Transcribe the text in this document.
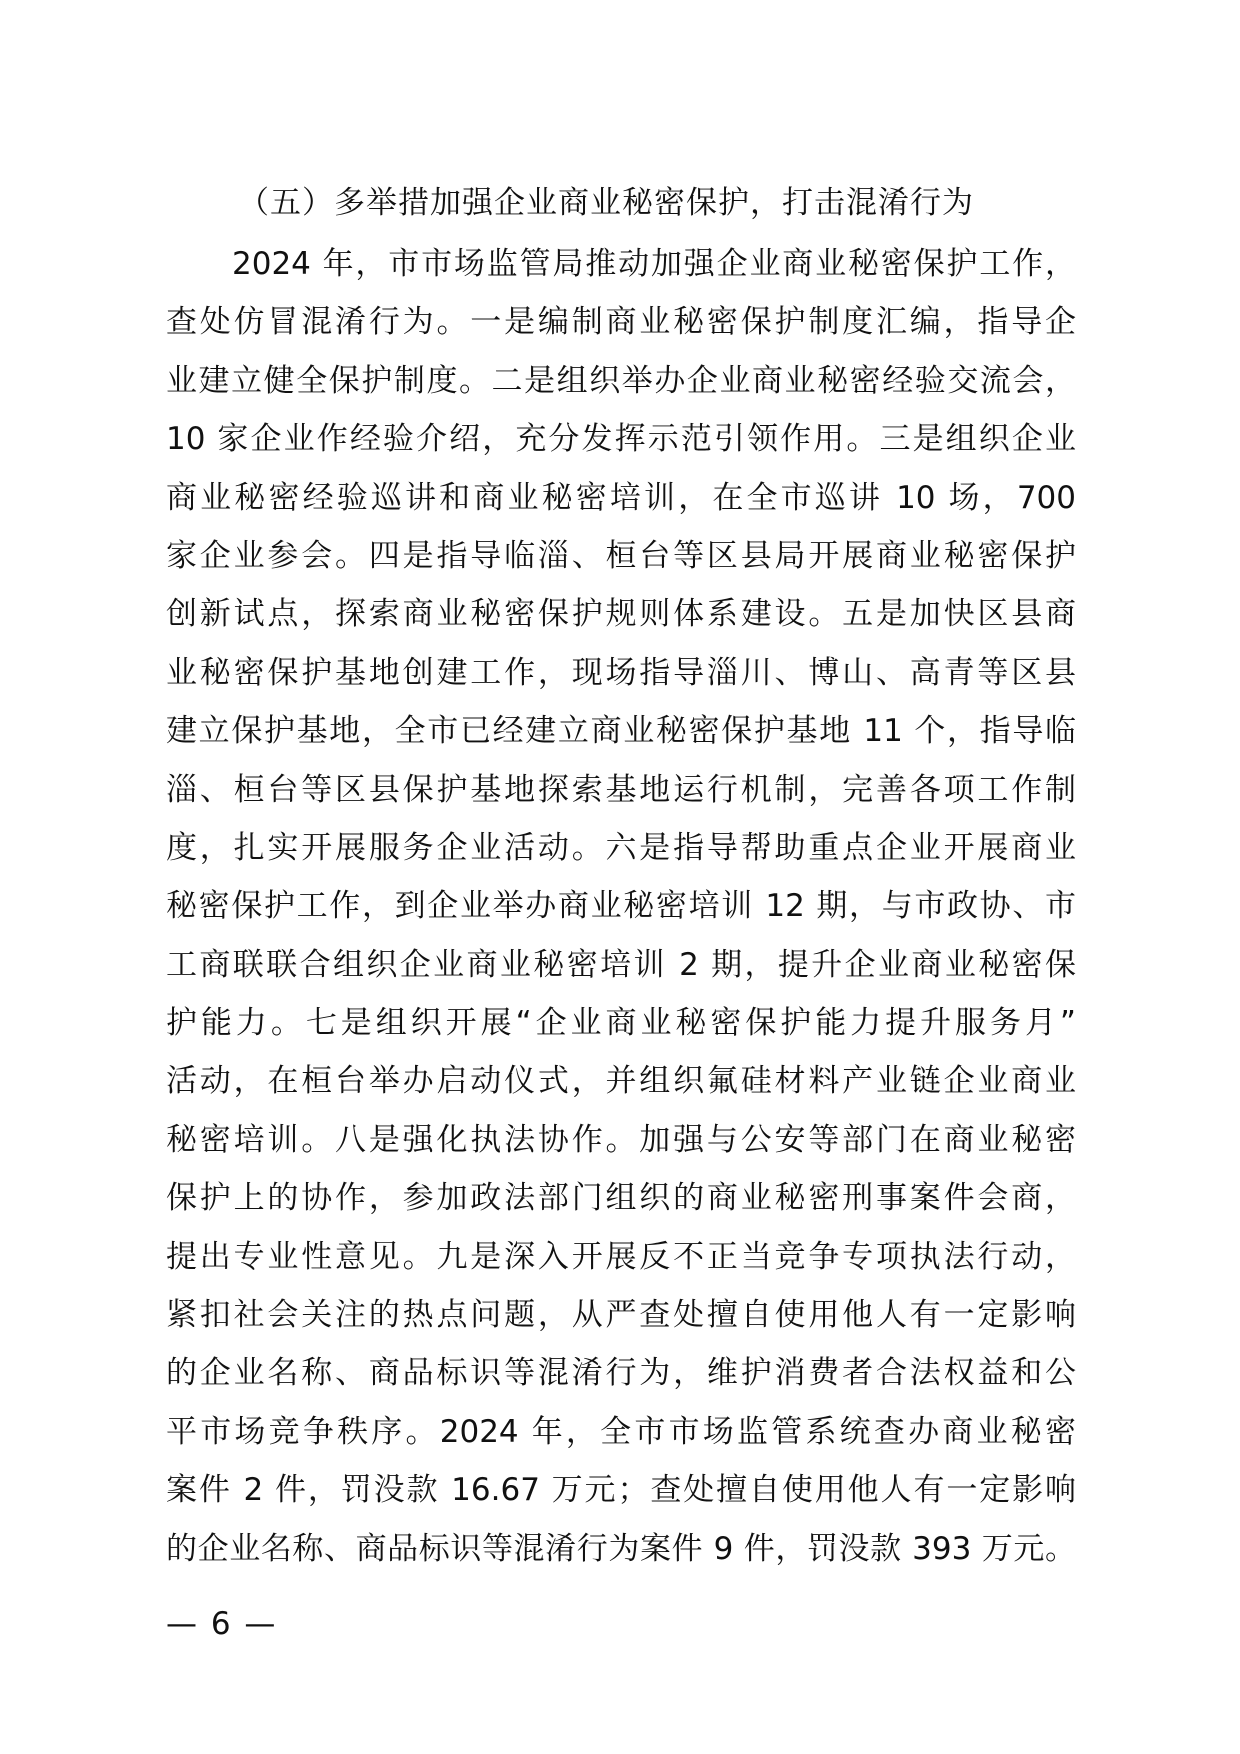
（五）多举措加强企业商业秘密保护，打击混淆行为
2024 年，市市场监管局推动加强企业商业秘密保护工作，
查处仿冒混淆行为。一是编制商业秘密保护制度汇编，指导企
业建立健全保护制度。二是组织举办企业商业秘密经验交流会，
10 家企业作经验介绍，充分发挥示范引领作用。三是组织企业
商业秘密经验巡讲和商业秘密培训，在全市巡讲 10 场，700
家企业参会。四是指导临淄、桓台等区县局开展商业秘密保护
创新试点，探索商业秘密保护规则体系建设。五是加快区县商
业秘密保护基地创建工作，现场指导淄川、博山、高青等区县
建立保护基地，全市已经建立商业秘密保护基地 11 个，指导临
淄、桓台等区县保护基地探索基地运行机制，完善各项工作制
度，扎实开展服务企业活动。六是指导帮助重点企业开展商业
秘密保护工作，到企业举办商业秘密培训 12 期，与市政协、市
工商联联合组织企业商业秘密培训 2 期，提升企业商业秘密保
护能力。七是组织开展“企业商业秘密保护能力提升服务月”
活动，在桓台举办启动仪式，并组织氟硅材料产业链企业商业
秘密培训。八是强化执法协作。加强与公安等部门在商业秘密
保护上的协作，参加政法部门组织的商业秘密刑事案件会商，
提出专业性意见。九是深入开展反不正当竞争专项执法行动，
紧扣社会关注的热点问题，从严查处擅自使用他人有一定影响
的企业名称、商品标识等混淆行为，维护消费者合法权益和公
平市场竞争秩序。2024 年，全市市场监管系统查办商业秘密
案件 2 件，罚没款 16.67 万元；查处擅自使用他人有一定影响
的企业名称、商品标识等混淆行为案件 9 件，罚没款 393 万元。
— 6 —
